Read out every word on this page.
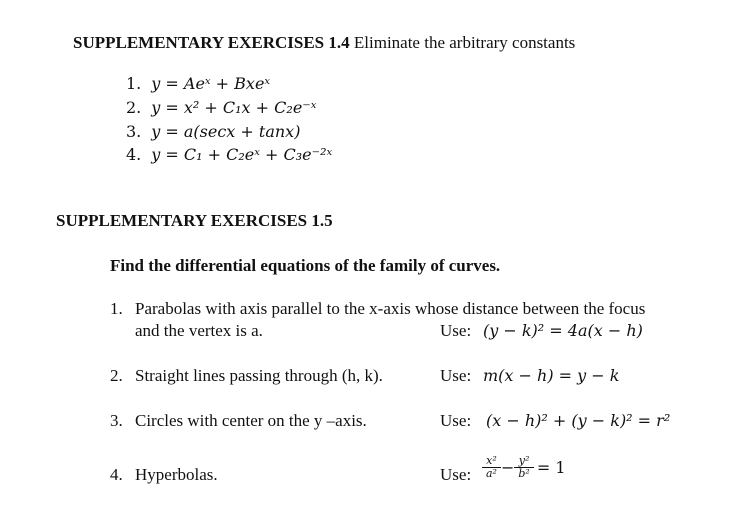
SUPPLEMENTARY EXERCISES 1.4 Eliminate the arbitrary constants
1. y = Aeˣ + Bxeˣ
2. y = x² + C₁x + C₂e⁻ˣ
3. y = a(secx + tanx)
4. y = C₁ + C₂eˣ + C₃e⁻²ˣ
SUPPLEMENTARY EXERCISES 1.5
Find the differential equations of the family of curves.
1. Parabolas with axis parallel to the x-axis whose distance between the focus
and the vertex is a.	Use: (y − k)² = 4a(x − h)
2. Straight lines passing through (h, k).	Use: m(x − h) = y − k
3. Circles with center on the y –axis.	Use: (x − h)² + (y − k)² = r²
4. Hyperbolas.	Use: $\frac{\text{x²}}{\text{a²}} - \frac{\text{y²}}{\text{b²}} = 1$
